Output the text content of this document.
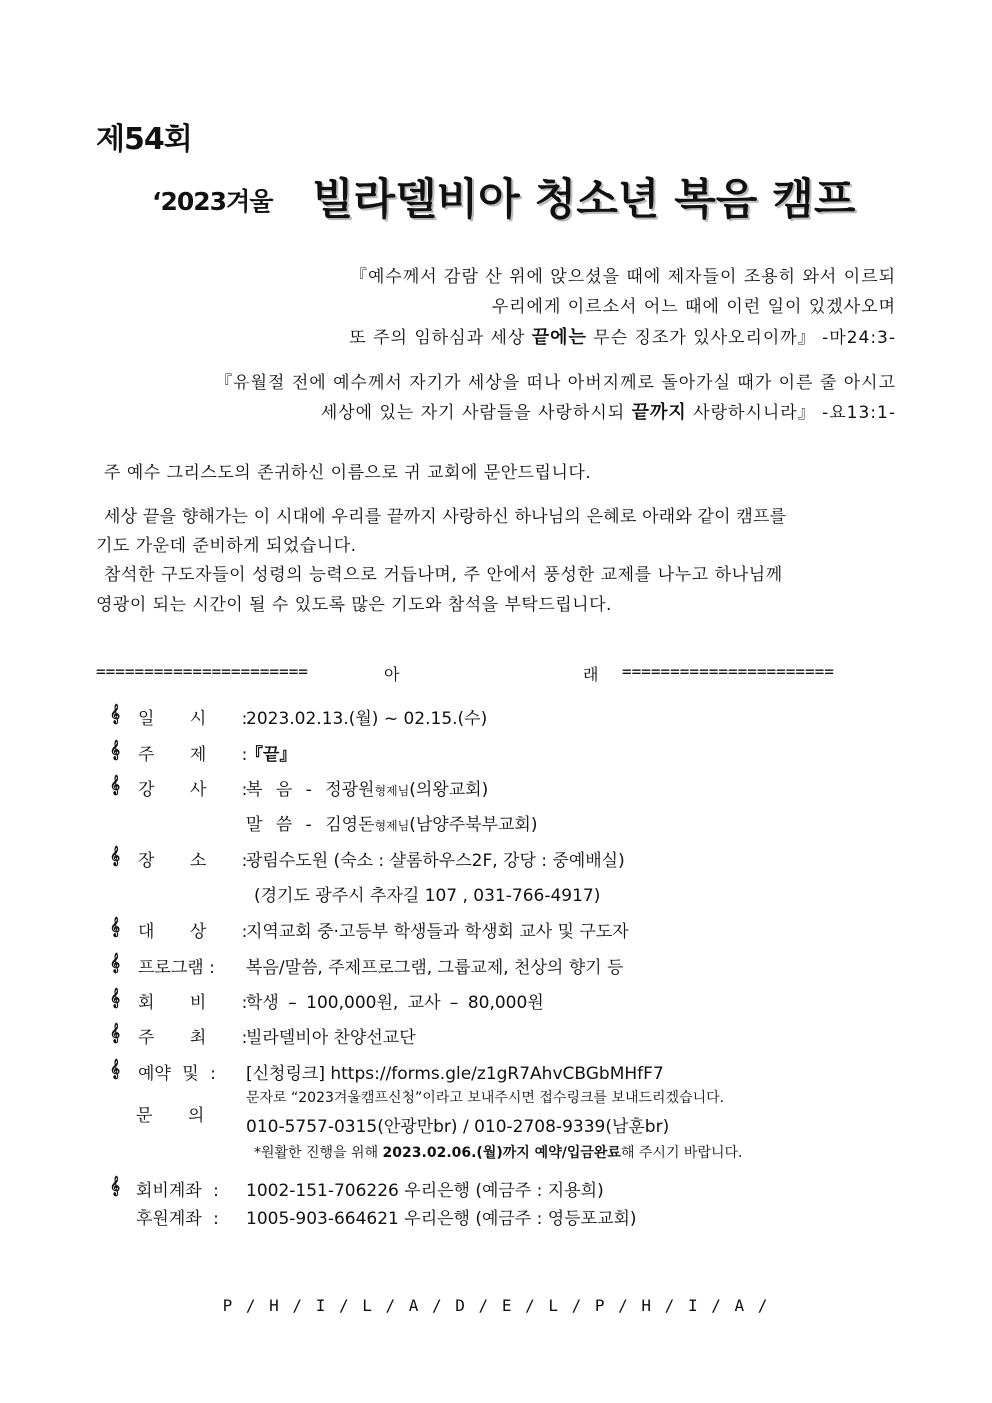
제54회
‘2023겨울 빌라델비아 청소년 복음 캠프
『예수께서 감람 산 위에 앉으셨을 때에 제자들이 조용히 와서 이르되
우리에게 이르소서 어느 때에 이런 일이 있겠사오며
또 주의 임하심과 세상 끝에는 무슨 징조가 있사오리이까』 -마24:3-
『유월절 전에 예수께서 자기가 세상을 떠나 아버지께로 돌아가실 때가 이른 줄 아시고
세상에 있는 자기 사람들을 사랑하시되 끝까지 사랑하시니라』 -요13:1-
주 예수 그리스도의 존귀하신 이름으로 귀 교회에 문안드립니다.
세상 끝을 향해가는 이 시대에 우리를 끝까지 사랑하신 하나님의 은혜로 아래와 같이 캠프를
기도 가운데 준비하게 되었습니다.
참석한 구도자들이 성령의 능력으로 거듭나며, 주 안에서 풍성한 교제를 나누고 하나님께
영광이 되는 시간이 될 수 있도록 많은 기도와 참석을 부탁드립니다.
======================	아	래 ======================
𝄞 일 시 :
2023.02.13.(월) ~ 02.15.(수)
𝄞 주 제 :
『끝』
𝄞 강 사 :
복 음 - 정광원형제님(의왕교회)
말 씀 - 김영돈형제님(남양주북부교회)
𝄞 장 소 :
광림수도원 (숙소 : 샬롬하우스2F, 강당 : 중예배실)
(경기도 광주시 추자길 107 , 031-766-4917)
𝄞 대 상 :
지역교회 중·고등부 학생들과 학생회 교사 및 구도자
𝄞 프로그램 : 복음/말씀, 주제프로그램, 그룹교제, 천상의 향기 등
𝄞 회 비 :
학생 – 100,000원, 교사 – 80,000원
𝄞 주 최 :
빌라델비아 찬양선교단
𝄞 예약 및 : [신청링크] https://forms.gle/z1gR7AhvCBGbMHfF7
문자로 “2023겨울캠프신청”이라고 보내주시면 접수링크를 보내드리겠습니다.
문 의
010-5757-0315(안광만br) / 010-2708-9339(남훈br)
*원활한 진행을 위해 2023.02.06.(월)까지 예약/입금완료해 주시기 바랍니다.
𝄞 회비계좌 : 1002-151-706226 우리은행 (예금주 : 지용희)
후원계좌 : 1005-903-664621 우리은행 (예금주 : 영등포교회)
P / H / I / L / A / D / E / L / P / H / I / A /
